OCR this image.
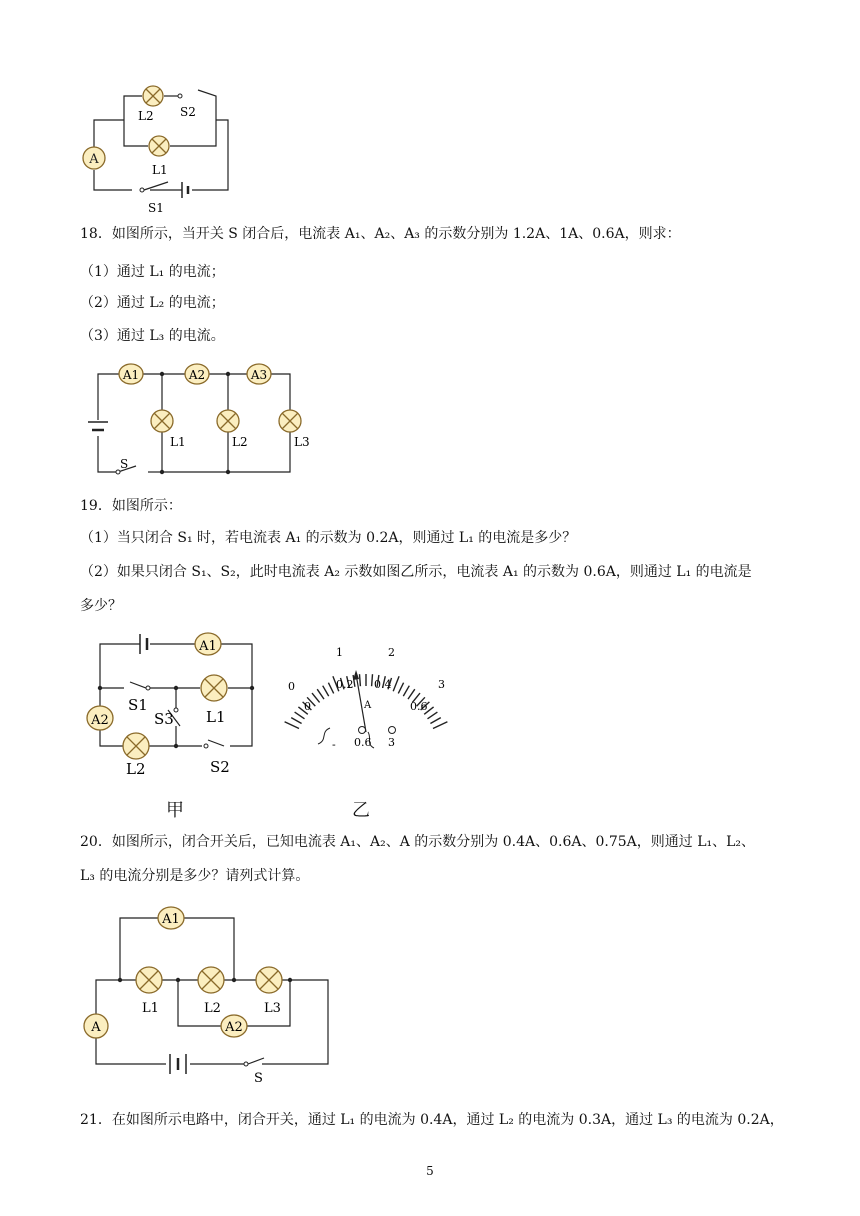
A
L2 S2
L1
S1
18．如图所示，当开关 S 闭合后，电流表 A₁、A₂、A₃ 的示数分别为 1.2A、1A、0.6A，则求：
（1）通过 L₁ 的电流；
（2）通过 L₂ 的电流；
（3）通过 L₃ 的电流。
S
A1	A2	A3
L1	L2	L3
19．如图所示：
（1）当只闭合 S₁ 时，若电流表 A₁ 的示数为 0.2A，则通过 L₁ 的电流是多少？
（2）如果只闭合 S₁、S₂，此时电流表 A₂ 示数如图乙所示，电流表 A₁ 的示数为 0.6A，则通过 L₁ 的电流是
多少？
A1
A2
S1
S3 L1
L2	S2
甲
0
1	2
3
0
0.2 0.4
0.6
A
- 0.6 3
乙
20．如图所示，闭合开关后，已知电流表 A₁、A₂、A 的示数分别为 0.4A、0.6A、0.75A，则通过 L₁、L₂、
L₃ 的电流分别是多少？请列式计算。
A1
A	A2
L1	L2	L3
S
21．在如图所示电路中，闭合开关，通过 L₁ 的电流为 0.4A，通过 L₂ 的电流为 0.3A，通过 L₃ 的电流为 0.2A，
5
